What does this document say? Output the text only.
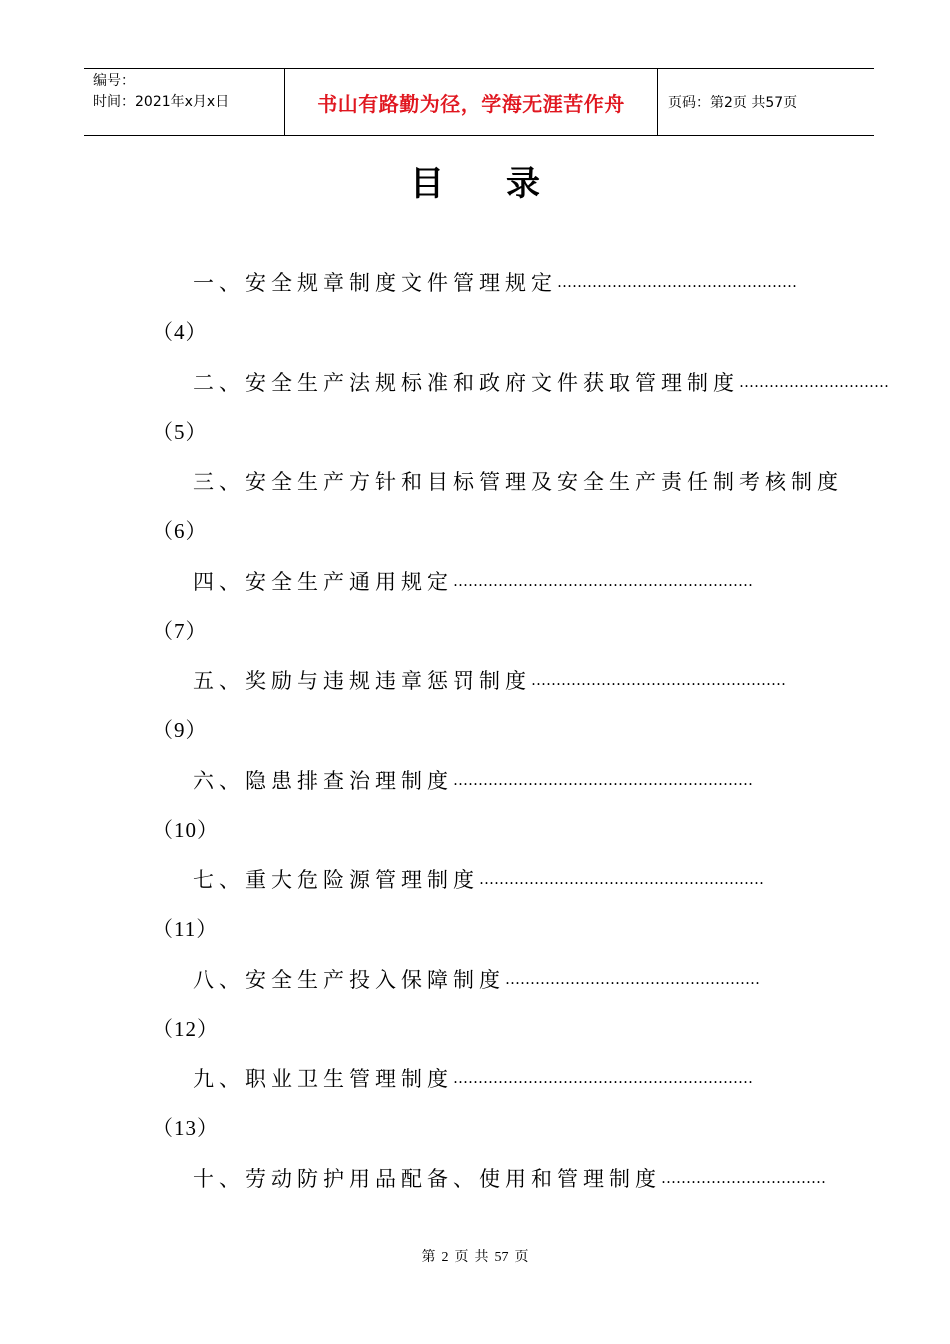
编号：
时间：2021年x月x日	书山有路勤为径，学海无涯苦作舟	页码：第2页 共57页
目录
一、安全规章制度文件管理规定 …………………………………………
（4）
二、安全生产法规标准和政府文件获取管理制度 …………………………
（5）
三、安全生产方针和目标管理及安全生产责任制考核制度
（6）
四、安全生产通用规定 ……………………………………………………
（7）
五、奖励与违规违章惩罚制度 ……………………………………………
（9）
六、隐患排查治理制度 ……………………………………………………
（10）
七、重大危险源管理制度 …………………………………………………
（11）
八、安全生产投入保障制度 ……………………………………………
（12）
九、职业卫生管理制度 ……………………………………………………
（13）
十、劳动防护用品配备、使用和管理制度 ……………………………
第 2 页 共 57 页
